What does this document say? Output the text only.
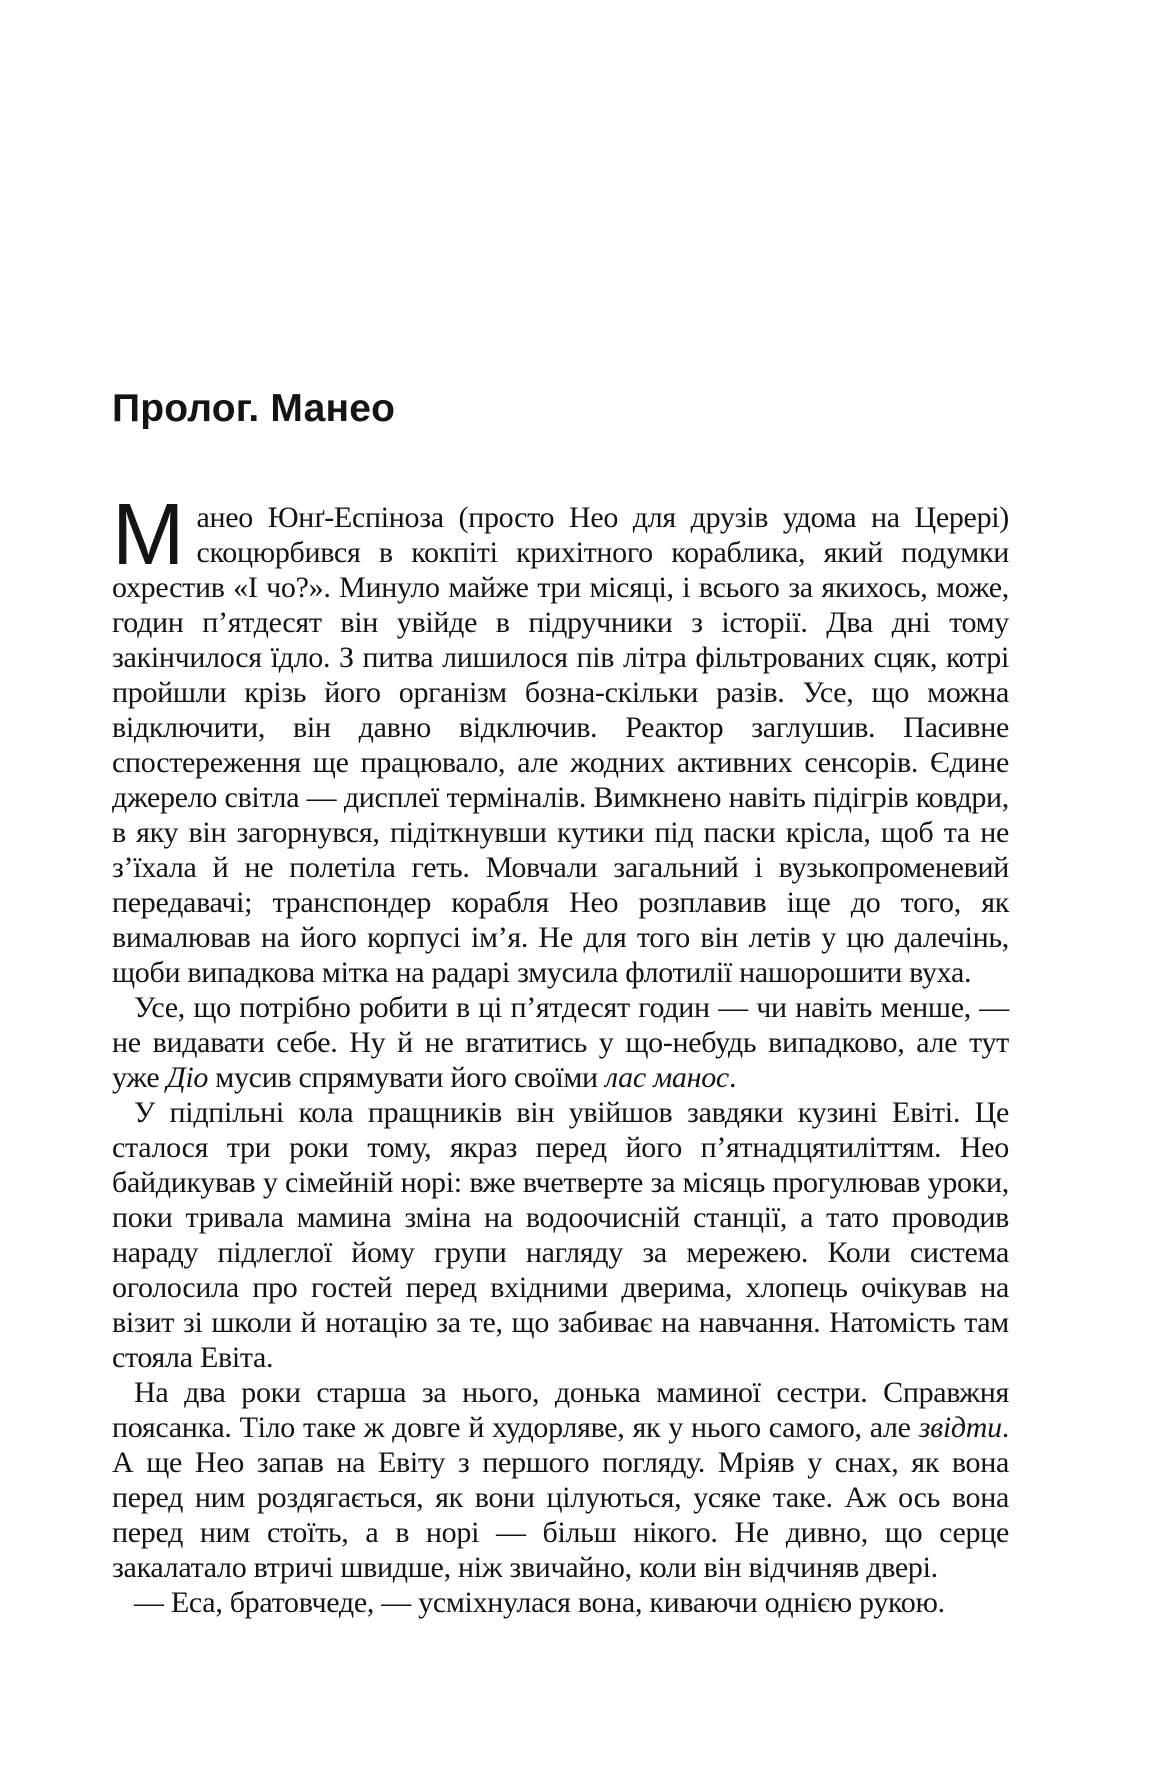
Пролог. Манео

Манео Юнґ-Еспіноза (просто Нео для друзів удома на Церері) скоцюрбився в кокпіті крихітного кораблика, який подумки охрестив «І чо?». Минуло майже три місяці, і всього за якихось, може, годин п’ятдесят він увійде в підручники з історії. Два дні тому закінчилося їдло. З питва лишилося пів літра фільтрованих сцяк, котрі пройшли крізь його організм бозна-скільки разів. Усе, що можна відключити, він давно відключив. Реактор заглушив. Пасивне спостереження ще працювало, але жодних активних сенсорів. Єдине джерело світла — дисплеї терміналів. Вимкнено навіть підігрів ковдри, в яку він загорнувся, підіткнувши кутики під паски крісла, щоб та не з’їхала й не полетіла геть. Мовчали загальний і вузькопроменевий передавачі; транспондер корабля Нео розплавив іще до того, як вималював на його корпусі ім’я. Не для того він летів у цю далечінь, щоби випадкова мітка на радарі змусила флотилії нашорошити вуха.

Усе, що потрібно робити в ці п’ятдесят годин — чи навіть менше, — не видавати себе. Ну й не вгатитись у що-небудь випадково, але тут уже Діо мусив спрямувати його своїми лас манос.

У підпільні кола пращників він увійшов завдяки кузині Евіті. Це сталося три роки тому, якраз перед його п’ятнадцятиліттям. Нео байдикував у сімейній норі: вже вчетверте за місяць прогулював уроки, поки тривала мамина зміна на водоочисній станції, а тато проводив нараду підлеглої йому групи нагляду за мережею. Коли система оголосила про гостей перед вхідними дверима, хлопець очікував на візит зі школи й нотацію за те, що забиває на навчання. Натомість там стояла Евіта.

На два роки старша за нього, донька маминої сестри. Справжня поясанка. Тіло таке ж довге й худорляве, як у нього самого, але звідти. А ще Нео запав на Евіту з першого погляду. Мріяв у снах, як вона перед ним роздягається, як вони цілуються, усяке таке. Аж ось вона перед ним стоїть, а в норі — більш нікого. Не дивно, що серце закалатало втричі швидше, ніж звичайно, коли він відчиняв двері.

— Еса, братовчеде, — усміхнулася вона, киваючи однією рукою.
